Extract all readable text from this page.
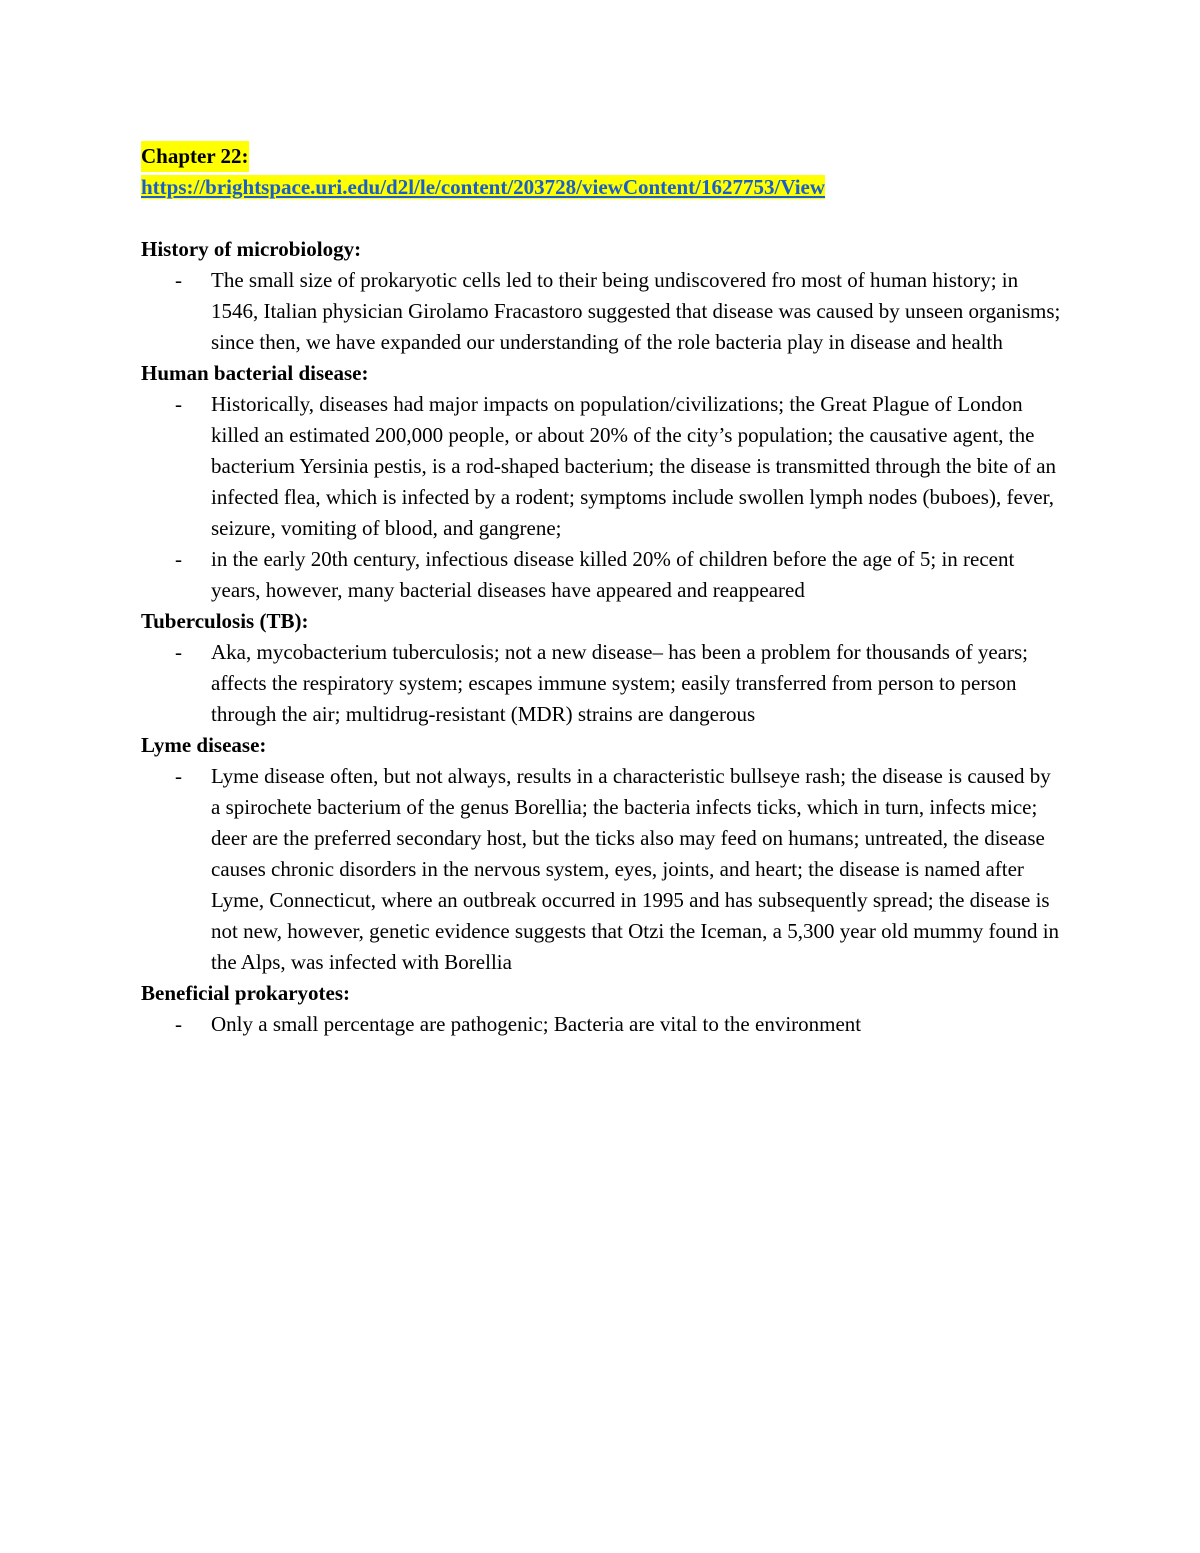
Chapter 22:
https://brightspace.uri.edu/d2l/le/content/203728/viewContent/1627753/View
History of microbiology:
- The small size of prokaryotic cells led to their being undiscovered fro most of human history; in 1546, Italian physician Girolamo Fracastoro suggested that disease was caused by unseen organisms; since then, we have expanded our understanding of the role bacteria play in disease and health
Human bacterial disease:
- Historically, diseases had major impacts on population/civilizations; the Great Plague of London killed an estimated 200,000 people, or about 20% of the city’s population; the causative agent, the bacterium Yersinia pestis, is a rod-shaped bacterium; the disease is transmitted through the bite of an infected flea, which is infected by a rodent; symptoms include swollen lymph nodes (buboes), fever, seizure, vomiting of blood, and gangrene;
- in the early 20th century, infectious disease killed 20% of children before the age of 5; in recent years, however, many bacterial diseases have appeared and reappeared
Tuberculosis (TB):
- Aka, mycobacterium tuberculosis; not a new disease– has been a problem for thousands of years; affects the respiratory system; escapes immune system; easily transferred from person to person through the air; multidrug-resistant (MDR) strains are dangerous
Lyme disease:
- Lyme disease often, but not always, results in a characteristic bullseye rash; the disease is caused by a spirochete bacterium of the genus Borellia; the bacteria infects ticks, which in turn, infects mice; deer are the preferred secondary host, but the ticks also may feed on humans; untreated, the disease causes chronic disorders in the nervous system, eyes, joints, and heart; the disease is named after Lyme, Connecticut, where an outbreak occurred in 1995 and has subsequently spread; the disease is not new, however, genetic evidence suggests that Otzi the Iceman, a 5,300 year old mummy found in the Alps, was infected with Borellia
Beneficial prokaryotes:
- Only a small percentage are pathogenic; Bacteria are vital to the environment
